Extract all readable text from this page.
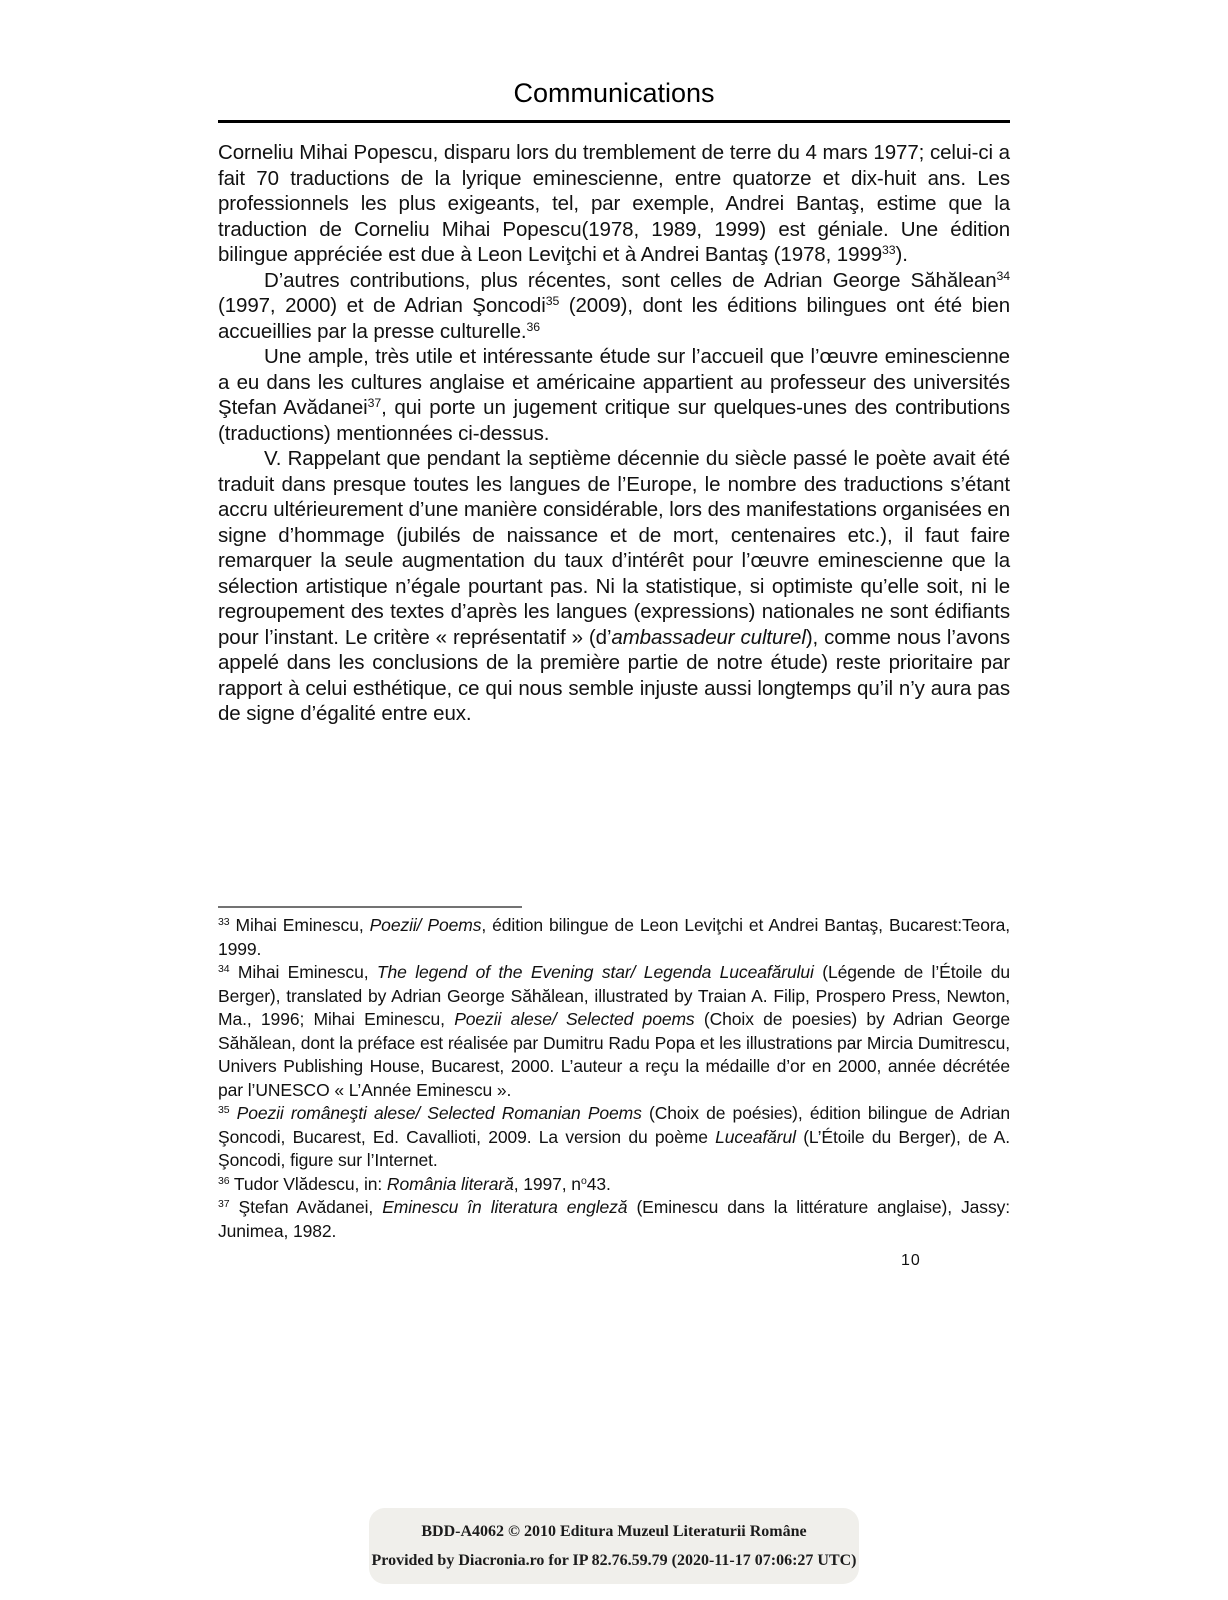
Communications

Corneliu Mihai Popescu, disparu lors du tremblement de terre du 4 mars 1977; celui-ci a fait 70 traductions de la lyrique eminescienne, entre quatorze et dix-huit ans. Les professionnels les plus exigeants, tel, par exemple, Andrei Bantaş, estime que la traduction de Corneliu Mihai Popescu(1978, 1989, 1999) est géniale. Une édition bilingue appréciée est due à Leon Leviţchi et à Andrei Bantaş (1978, 1999$^{33}$).

D’autres contributions, plus récentes, sont celles de Adrian George Săhălean$^{34}$ (1997, 2000) et de Adrian Şoncodi$^{35}$ (2009), dont les éditions bilingues ont été bien accueillies par la presse culturelle.$^{36}$

Une ample, très utile et intéressante étude sur l’accueil que l’œuvre eminescienne a eu dans les cultures anglaise et américaine appartient au professeur des universités Ştefan Avădanei$^{37}$, qui porte un jugement critique sur quelques-unes des contributions (traductions) mentionnées ci-dessus.

V. Rappelant que pendant la septième décennie du siècle passé le poète avait été traduit dans presque toutes les langues de l’Europe, le nombre des traductions s’étant accru ultérieurement d’une manière considérable, lors des manifestations organisées en signe d’hommage (jubilés de naissance et de mort, centenaires etc.), il faut faire remarquer la seule augmentation du taux d’intérêt pour l’œuvre eminescienne que la sélection artistique n’égale pourtant pas. Ni la statistique, si optimiste qu’elle soit, ni le regroupement des textes d’après les langues (expressions) nationales ne sont édifiants pour l’instant. Le critère « représentatif » (d’ambassadeur culturel), comme nous l’avons appelé dans les conclusions de la première partie de notre étude) reste prioritaire par rapport à celui esthétique, ce qui nous semble injuste aussi longtemps qu’il n’y aura pas de signe d’égalité entre eux.

$^{33}$ Mihai Eminescu, Poezii/ Poems, édition bilingue de Leon Leviţchi et Andrei Bantaş, Bucarest:Teora, 1999.

$^{34}$ Mihai Eminescu, The legend of the Evening star/ Legenda Luceafărului (Légende de l’Étoile du Berger), translated by Adrian George Săhălean, illustrated by Traian A. Filip, Prospero Press, Newton, Ma., 1996; Mihai Eminescu, Poezii alese/ Selected poems (Choix de poesies) by Adrian George Săhălean, dont la préface est réalisée par Dumitru Radu Popa et les illustrations par Mircia Dumitrescu, Univers Publishing House, Bucarest, 2000. L’auteur a reçu la médaille d’or en 2000, année décrétée par l’UNESCO « L’Année Eminescu ».

$^{35}$ Poezii româneşti alese/ Selected Romanian Poems (Choix de poésies), édition bilingue de Adrian Şoncodi, Bucarest, Ed. Cavallioti, 2009. La version du poème Luceafărul (L’Étoile du Berger), de A. Şoncodi, figure sur l’Internet.

$^{36}$ Tudor Vlădescu, in: România literară, 1997, $n^o43$.

$^{37}$ Ştefan Avădanei, Eminescu în literatura engleză (Eminescu dans la littérature anglaise), Jassy: Junimea, 1982.

10
BDD-A4062 © 2010 Editura Muzeul Literaturii Române
Provided by Diacronia.ro for IP 82.76.59.79 (2020-11-17 07:06:27 UTC)
